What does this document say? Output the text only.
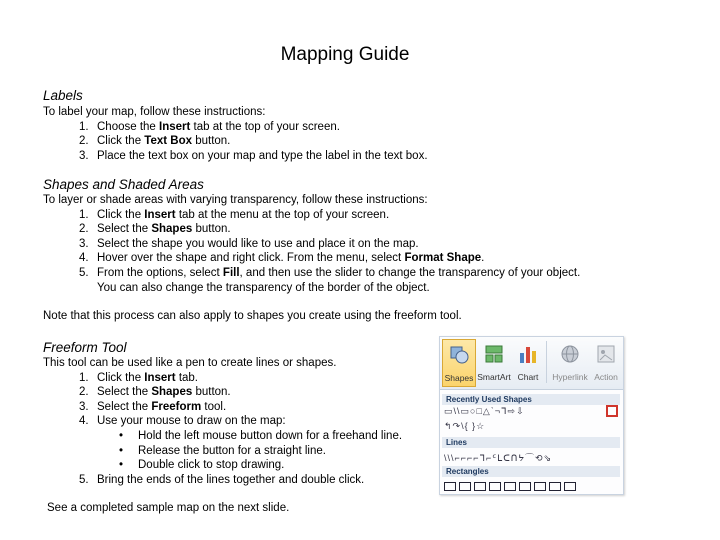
Mapping Guide
Labels
To label your map, follow these instructions:
1. Choose the Insert tab at the top of your screen.
2. Click the Text Box button.
3. Place the text box on your map and type the label in the text box.
Shapes and Shaded Areas
To layer or shade areas with varying transparency, follow these instructions:
1. Click the Insert tab at the menu at the top of your screen.
2. Select the Shapes button.
3. Select the shape you would like to use and place it on the map.
4. Hover over the shape and right click. From the menu, select Format Shape.
5. From the options, select Fill, and then use the slider to change the transparency of your object.
You can also change the transparency of the border of the object.
Note that this process can also apply to shapes you create using the freeform tool.
Freeform Tool
This tool can be used like a pen to create lines or shapes.
1. Click the Insert tab.
2. Select the Shapes button.
3. Select the Freeform tool.
4. Use your mouse to draw on the map:
• Hold the left mouse button down for a freehand line.
• Release the button for a straight line.
• Double click to stop drawing.
5. Bring the ends of the lines together and double click.
See a completed sample map on the next slide.
Shapes SmartArt Chart	Hyperlink Action
Recently Used Shapes
▭\\▭○□△ˋ¬ᒣ⇨⇩
↰↷\{ }☆
Lines
\\\⌐⌐⌐⌐ᒣ⌐ᑦᒪᑕᑎᔭ⌒⟲⇘
Rectangles
